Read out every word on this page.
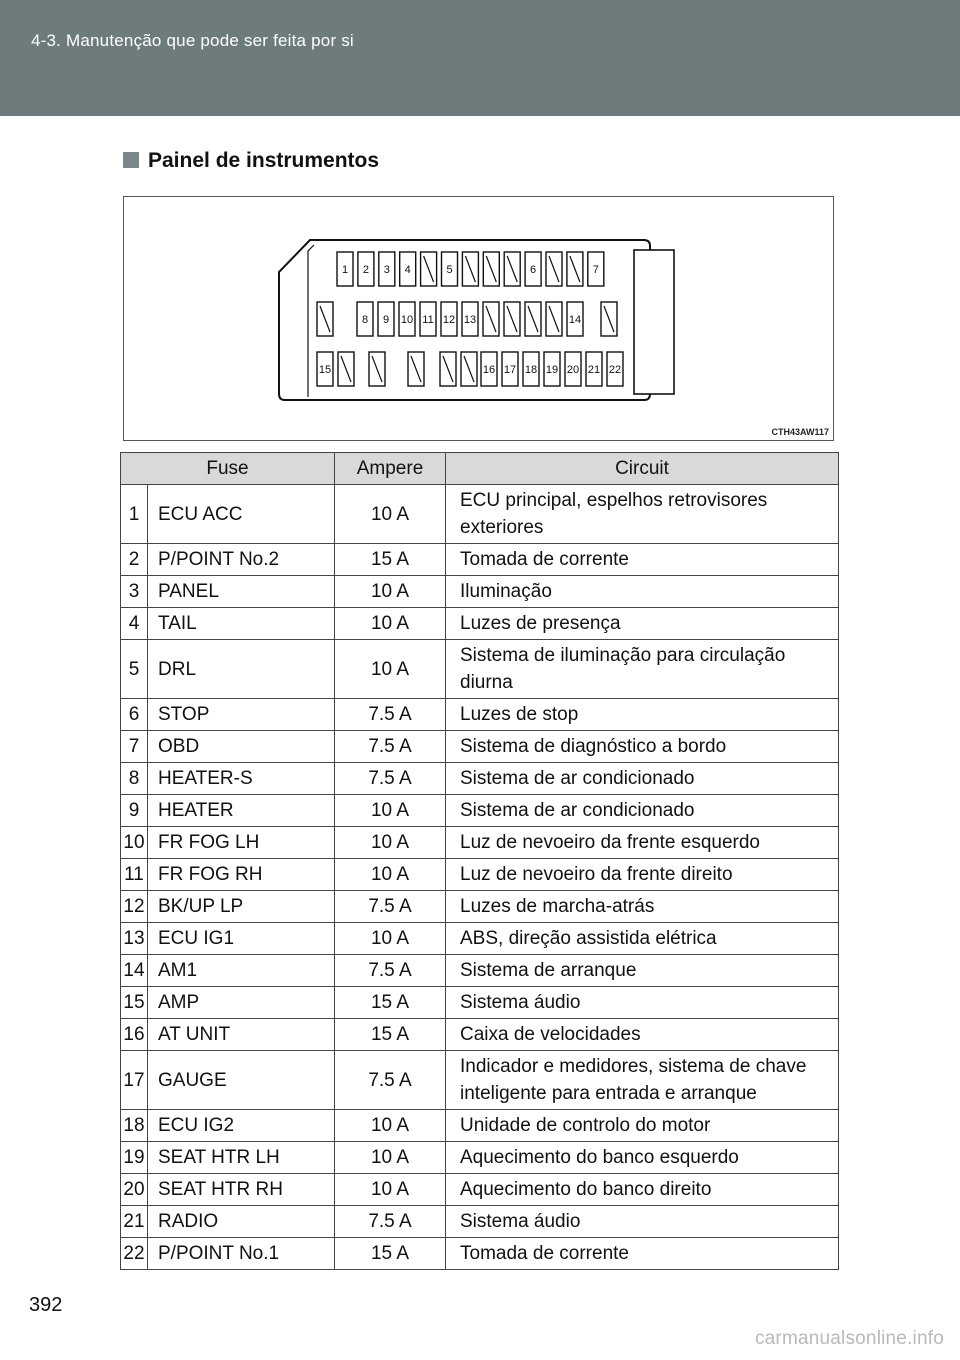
4-3. Manutenção que pode ser feita por si
Painel de instrumentos
1 2 3 4	5	6	7
8 9 10 11 12 13	14
15	16 17 18 19 20 21 22
CTH43AW117
Fuse		Ampere	Circuit
1	ECU ACC	10 A	ECU principal, espelhos retrovisores exteriores
2	P/POINT No.2	15 A	Tomada de corrente
3	PANEL	10 A	Iluminação
4	TAIL	10 A	Luzes de presença
5	DRL	10 A	Sistema de iluminação para circulação diurna
6	STOP	7.5 A	Luzes de stop
7	OBD	7.5 A	Sistema de diagnóstico a bordo
8	HEATER-S	7.5 A	Sistema de ar condicionado
9	HEATER	10 A	Sistema de ar condicionado
10	FR FOG LH	10 A	Luz de nevoeiro da frente esquerdo
11	FR FOG RH	10 A	Luz de nevoeiro da frente direito
12	BK/UP LP	7.5 A	Luzes de marcha-atrás
13	ECU IG1	10 A	ABS, direção assistida elétrica
14	AM1	7.5 A	Sistema de arranque
15	AMP	15 A	Sistema áudio
16	AT UNIT	15 A	Caixa de velocidades
17	GAUGE	7.5 A	Indicador e medidores, sistema de chave inteligente para entrada e arranque
18	ECU IG2	10 A	Unidade de controlo do motor
19	SEAT HTR LH	10 A	Aquecimento do banco esquerdo
20	SEAT HTR RH	10 A	Aquecimento do banco direito
21	RADIO	7.5 A	Sistema áudio
22	P/POINT No.1	15 A	Tomada de corrente
392
carmanualsonline.info
